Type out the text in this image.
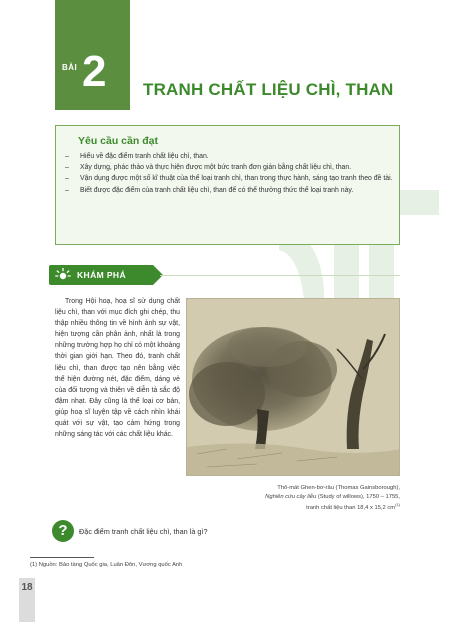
BÀI 2 TRANH CHẤT LIỆU CHÌ, THAN
Yêu cầu cần đạt
– Hiểu về đặc điểm tranh chất liệu chì, than.
– Xây dựng, phác thảo và thực hiện được một bức tranh đơn giản bằng chất liệu chì, than.
– Vận dụng được một số kĩ thuật của thể loại tranh chì, than trong thực hành, sáng tạo tranh theo đề tài.
– Biết được đặc điểm của tranh chất liệu chì, than để có thể thưởng thức thể loại tranh này.
KHÁM PHÁ
Trong Hội hoạ, hoạ sĩ sử dụng chất liệu chì, than với mục đích ghi chép, thu thập nhiều thông tin về hình ảnh sự vật, hiện tượng cần phân ảnh, nhất là trong những trường hợp họ chỉ có một khoảng thời gian giới hạn. Theo đó, tranh chất liệu chì, than được tạo nên bằng việc thể hiện đường nét, đặc điểm, dáng vẻ của đối tượng và thiên về diễn tả sắc độ đậm nhạt. Đây cũng là thể loại cơ bản, giúp hoạ sĩ luyện tập về cách nhìn khái quát với sự vật, tạo cảm hứng trong những sáng tác với các chất liệu khác.
Thô-mát Ghen-bơ-râu (Thomas Gainsborough),
Nghiên cứu cây liễu (Study of willows), 1750 – 1755,
tranh chất liệu than 18,4 x 15,2 $cm^{(1)}$
?	Đặc điểm tranh chất liệu chì, than là gì?
(1) Nguồn: Bảo tàng Quốc gia, Luân Đôn, Vương quốc Anh
18
